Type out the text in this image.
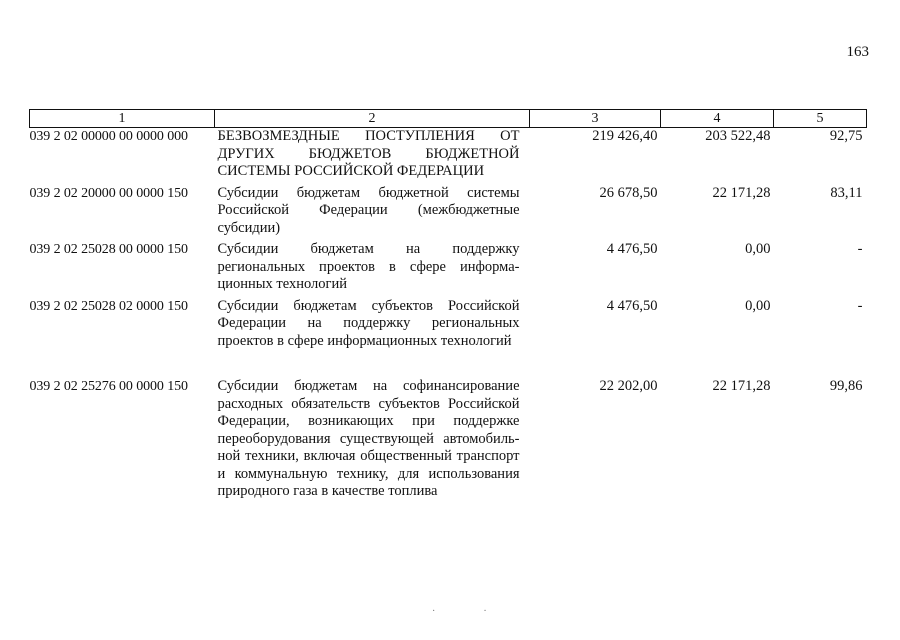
163
1	2	3	4	5
039 2 02 00000 00 0000 000	БЕЗВОЗМЕЗДНЫЕ ПОСТУПЛЕНИЯ ОТ ДРУГИХ БЮДЖЕТОВ БЮДЖЕТНОЙ СИСТЕМЫ РОССИЙСКОЙ ФЕДЕРАЦИИ	219 426,40	203 522,48	92,75
039 2 02 20000 00 0000 150	Субсидии бюджетам бюджетной системы Российской Федерации (межбюджетные субсидии)	26 678,50	22 171,28	83,11
039 2 02 25028 00 0000 150	Субсидии бюджетам на поддержку региональных проектов в сфере информа-ционных технологий	4 476,50	0,00	-
039 2 02 25028 02 0000 150	Субсидии бюджетам субъектов Российской Федерации на поддержку региональных проектов в сфере информационных технологий	4 476,50	0,00	-
039 2 02 25276 00 0000 150	Субсидии бюджетам на софинансирование расходных обязательств субъектов Российской Федерации, возникающих при поддержке переоборудования существующей автомобиль-ной техники, включая общественный транспорт и коммунальную технику, для использования природного газа в качестве топлива	22 202,00	22 171,28	99,86
··
